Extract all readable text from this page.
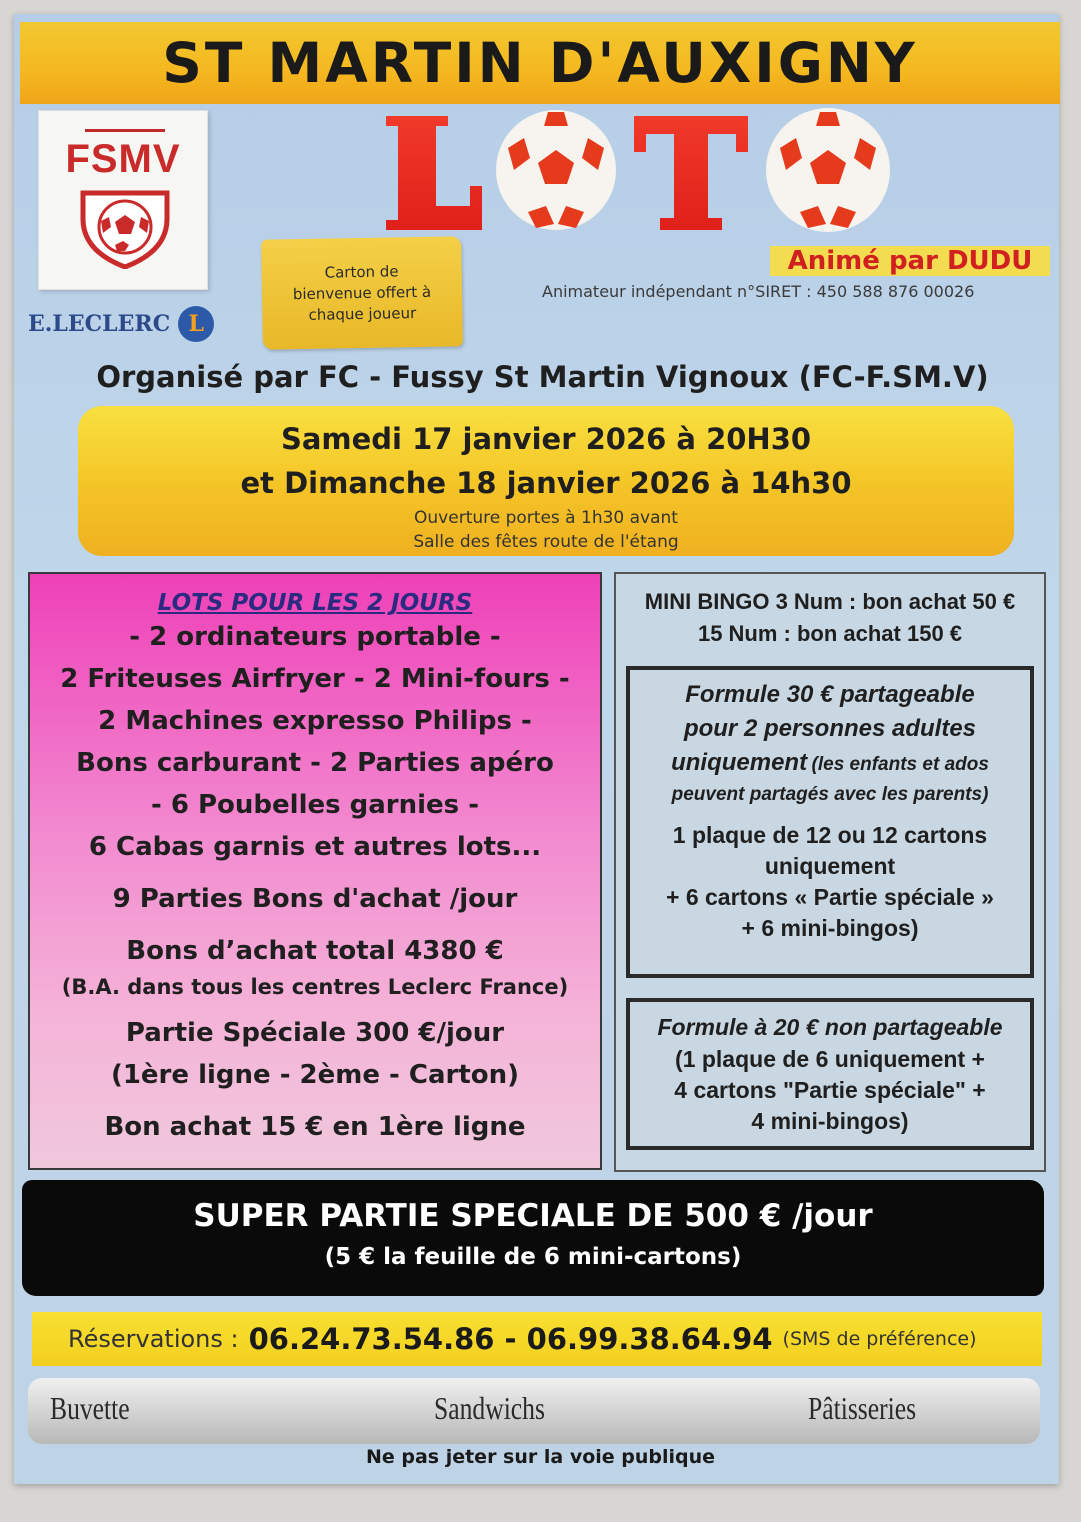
ST MARTIN D'AUXIGNY
FSMV
E.LECLERC L
Carton de
bienvenue offert à
chaque joueur
Animé par DUDU
Animateur indépendant n°SIRET : 450 588 876 00026
Organisé par FC - Fussy St Martin Vignoux (FC-F.SM.V)
Samedi 17 janvier 2026 à 20H30
et Dimanche 18 janvier 2026 à 14h30
Ouverture portes à 1h30 avant
Salle des fêtes route de l'étang
LOTS POUR LES 2 JOURS
- 2 ordinateurs portable -
2 Friteuses Airfryer - 2 Mini-fours -
2 Machines expresso Philips -
Bons carburant - 2 Parties apéro
- 6 Poubelles garnies -
6 Cabas garnis et autres lots...
9 Parties Bons d'achat /jour
Bons d’achat total 4380 €
(B.A. dans tous les centres Leclerc France)
Partie Spéciale 300 €/jour
(1ère ligne - 2ème - Carton)
Bon achat 15 € en 1ère ligne
MINI BINGO 3 Num : bon achat 50 €
15 Num : bon achat 150 €
Formule 30 € partageable
pour 2 personnes adultes
uniquement (les enfants et ados
peuvent partagés avec les parents)
1 plaque de 12 ou 12 cartons
uniquement
+ 6 cartons « Partie spéciale »
+ 6 mini-bingos)
Formule à 20 € non partageable
(1 plaque de 6 uniquement +
4 cartons "Partie spéciale" +
4 mini-bingos)
SUPER PARTIE SPECIALE DE 500 € /jour
(5 € la feuille de 6 mini-cartons)
Réservations : 06.24.73.54.86 - 06.99.38.64.94 (SMS de préférence)
Buvette	Sandwichs	Pâtisseries
Ne pas jeter sur la voie publique
